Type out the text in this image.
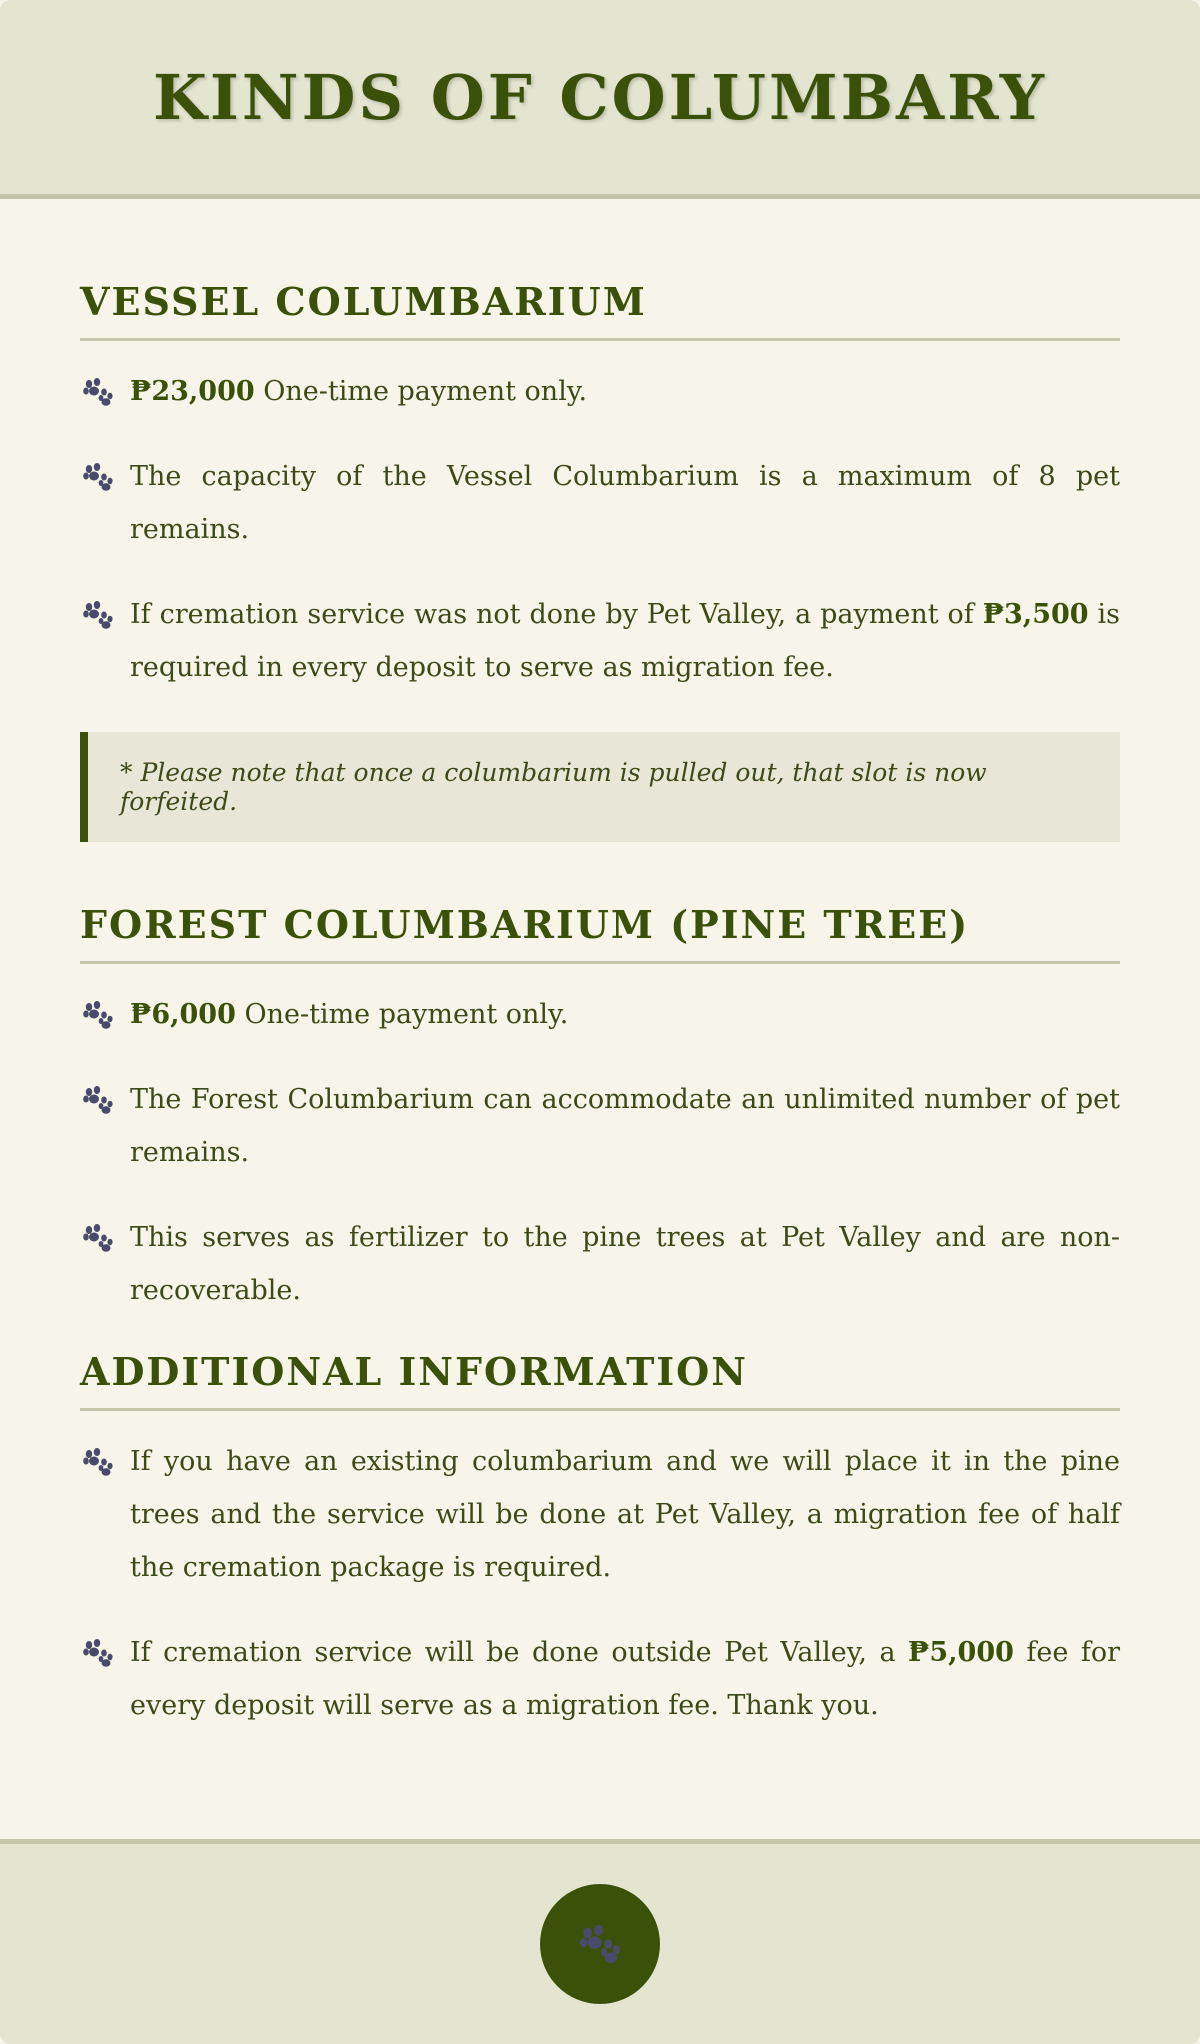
KINDS OF COLUMBARY
VESSEL COLUMBARIUM
₱23,000 One-time payment only.
The capacity of the Vessel Columbarium is a maximum of 8 pet remains.
If cremation service was not done by Pet Valley, a payment of ₱3,500 is required in every deposit to serve as migration fee.
* Please note that once a columbarium is pulled out, that slot is now forfeited.
FOREST COLUMBARIUM (PINE TREE)
₱6,000 One-time payment only.
The Forest Columbarium can accommodate an unlimited number of pet remains.
This serves as fertilizer to the pine trees at Pet Valley and are non-recoverable.
ADDITIONAL INFORMATION
If you have an existing columbarium and we will place it in the pine trees and the service will be done at Pet Valley, a migration fee of half the cremation package is required.
If cremation service will be done outside Pet Valley, a ₱5,000 fee for every deposit will serve as a migration fee. Thank you.
